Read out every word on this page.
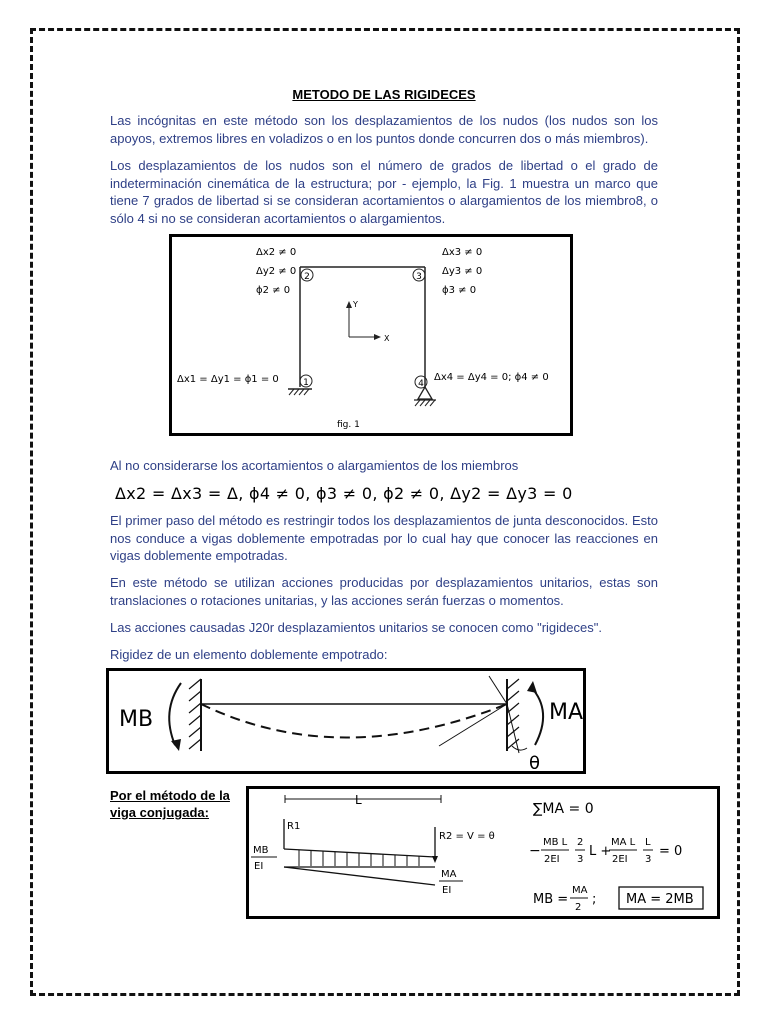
METODO DE LAS RIGIDECES
Las incógnitas en este método son los desplazamientos de los nudos (los nudos son los apoyos, extremos libres en voladizos o en los puntos donde concurren dos o más miembros).
Los desplazamientos de los nudos son el número de grados de libertad o el grado de indeterminación cinemática de la estructura; por - ejemplo, la Fig. 1 muestra un marco que tiene 7 grados de libertad si se consideran acortamientos o alargamientos de los miembro8, o sólo 4 si no se consideran acortamientos o alargamientos.
2	3
1	4
Y
X
Δx2 ≠ 0
Δy2 ≠ 0
ϕ2 ≠ 0
Δx3 ≠ 0
Δy3 ≠ 0
ϕ3 ≠ 0
Δx1 = Δy1 = ϕ1 = 0	Δx4 = Δy4 = 0; ϕ4 ≠ 0
fig. 1
Al no considerarse los acortamientos o alargamientos de los miembros
Δx2 = Δx3 = Δ, ϕ4 ≠ 0, ϕ3 ≠ 0, ϕ2 ≠ 0, Δy2 = Δy3 = 0
El primer paso del método es restringir todos los desplazamientos de junta desconocidos. Esto nos conduce a vigas doblemente empotradas por lo cual hay que conocer las reacciones en vigas doblemente empotradas.
En este método se utilizan acciones producidas por desplazamientos unitarios, estas son translaciones o rotaciones unitarias, y las acciones serán fuerzas o momentos.
Las acciones causadas J20r desplazamientos unitarios se conocen como "rigideces".
Rigidez de un elemento doblemente empotrado:
MB	MA
θ
Por el método de la viga conjugada:
L
R1
R2 = V = θ
MB
EI
MA
EI
∑MA = 0
−
MB L
2EI
2
3
L +
MA L
2EI
L
3
= 0
MB =
MA
2
; MA = 2MB
